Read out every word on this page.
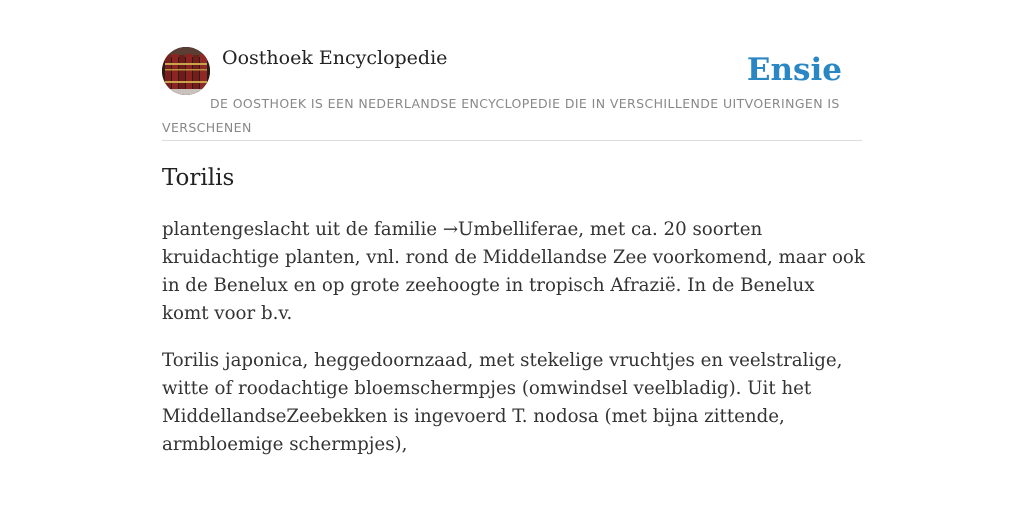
Oosthoek Encyclopedie	Ensie
DE OOSTHOEK IS EEN NEDERLANDSE ENCYCLOPEDIE DIE IN VERSCHILLENDE UITVOERINGEN IS VERSCHENEN
Torilis

plantengeslacht uit de familie →Umbelliferae, met ca. 20 soorten kruidachtige planten, vnl. rond de Middellandse Zee voorkomend, maar ook in de Benelux en op grote zeehoogte in tropisch Afrazië. In de Benelux komt voor b.v.

Torilis japonica, heggedoornzaad, met stekelige vruchtjes en veelstralige, witte of roodachtige bloemschermpjes (omwindsel veelbladig). Uit het MiddellandseZeebekken is ingevoerd T. nodosa (met bijna zittende, armbloemige schermpjes),
